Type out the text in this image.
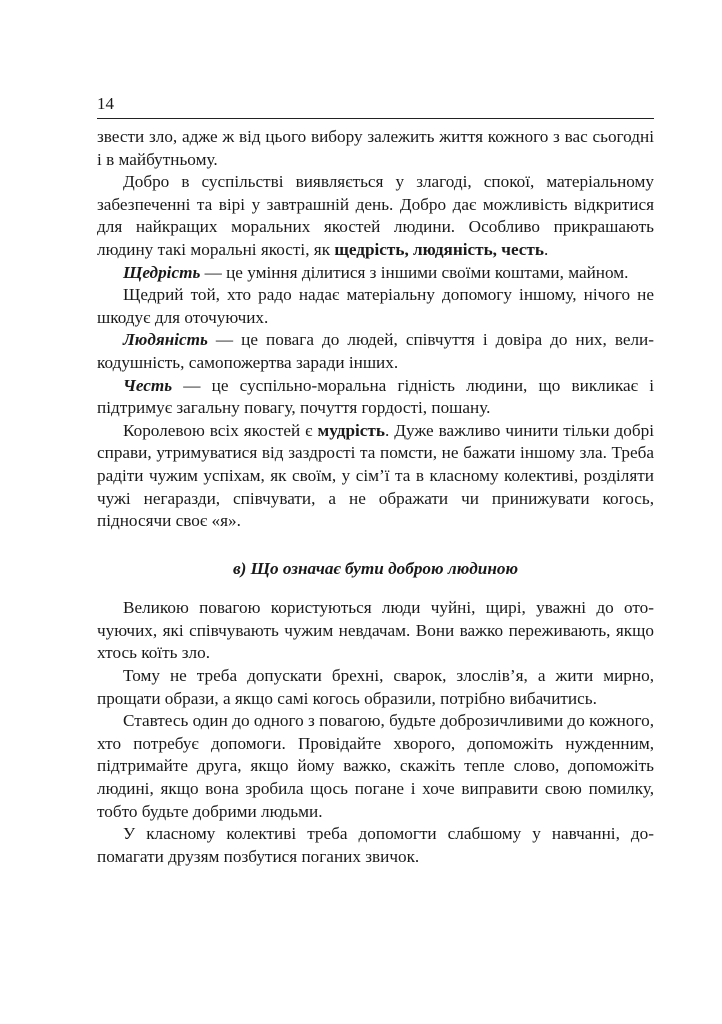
14

звести зло, адже ж від цього вибору залежить життя кожного з вас сьогодні і в майбутньому.

Добро в суспільстві виявляється у злагоді, спокої, матеріальному забезпеченні та вірі у завтрашній день. Добро дає можливість відкритися для найкращих моральних якостей людини. Особливо прикрашають людину такі моральні якості, як щедрість, людяність, честь.

Щедрість — це уміння ділитися з іншими своїми коштами, майном.

Щедрий той, хто радо надає матеріальну допомогу іншому, нічого не шкодує для оточуючих.

Людяність — це повага до людей, співчуття і довіра до них, великодушність, самопожертва заради інших.

Честь — це суспільно-моральна гідність людини, що викликає і підтримує загальну повагу, почуття гордості, пошану.

Королевою всіх якостей є мудрість. Дуже важливо чинити тільки добрі справи, утримуватися від заздрості та помсти, не бажати іншому зла. Треба радіти чужим успіхам, як своїм, у сім’ї та в класному колективі, розділяти чужі негаразди, співчувати, а не ображати чи принижувати когось, підносячи своє «я».

в) Що означає бути доброю людиною

Великою повагою користуються люди чуйні, щирі, уважні до оточуючих, які співчувають чужим невдачам. Вони важко переживають, якщо хтось коїть зло.

Тому не треба допускати брехні, сварок, злослів’я, а жити мирно, прощати образи, а якщо самі когось образили, потрібно вибачитись.

Ставтесь один до одного з повагою, будьте доброзичливими до кожного, хто потребує допомоги. Провідайте хворого, допоможіть нужденним, підтримайте друга, якщо йому важко, скажіть тепле слово, допоможіть людині, якщо вона зробила щось погане і хоче виправити свою помилку, тобто будьте добрими людьми.

У класному колективі треба допомогти слабшому у навчанні, допомагати друзям позбутися поганих звичок.
